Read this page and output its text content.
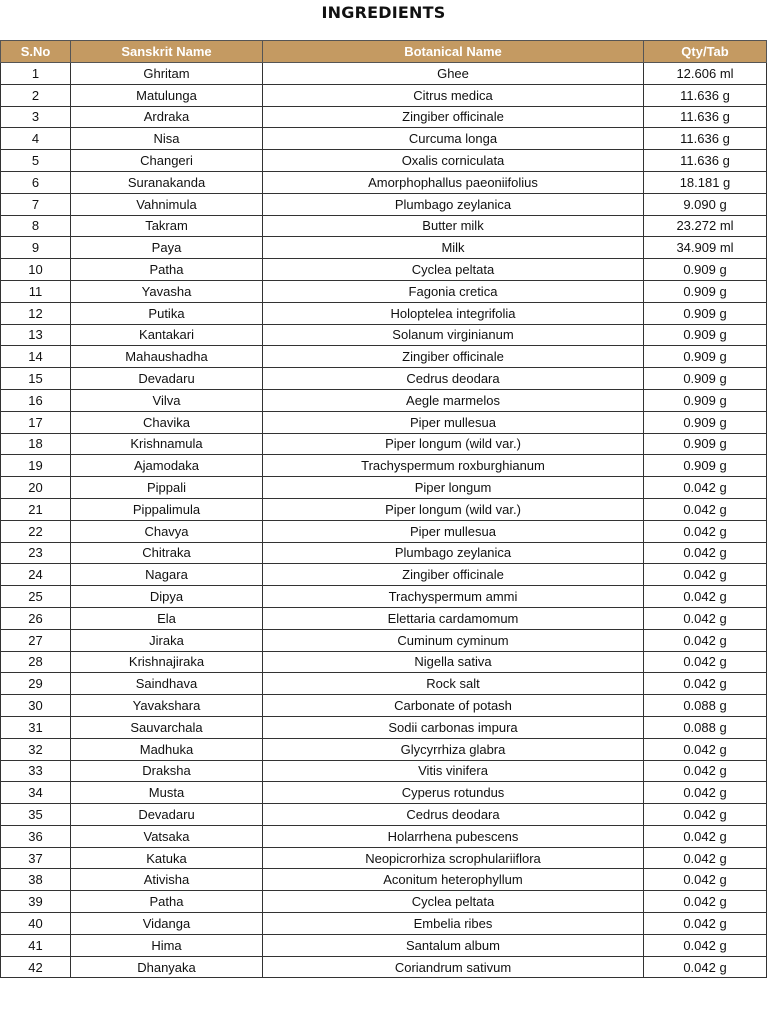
INGREDIENTS
S.No	Sanskrit Name	Botanical Name	Qty/Tab
1	Ghritam	Ghee	12.606 ml
2	Matulunga	Citrus medica	11.636 g
3	Ardraka	Zingiber officinale	11.636 g
4	Nisa	Curcuma longa	11.636 g
5	Changeri	Oxalis corniculata	11.636 g
6	Suranakanda	Amorphophallus paeoniifolius	18.181 g
7	Vahnimula	Plumbago zeylanica	9.090 g
8	Takram	Butter milk	23.272 ml
9	Paya	Milk	34.909 ml
10	Patha	Cyclea peltata	0.909 g
11	Yavasha	Fagonia cretica	0.909 g
12	Putika	Holoptelea integrifolia	0.909 g
13	Kantakari	Solanum virginianum	0.909 g
14	Mahaushadha	Zingiber officinale	0.909 g
15	Devadaru	Cedrus deodara	0.909 g
16	Vilva	Aegle marmelos	0.909 g
17	Chavika	Piper mullesua	0.909 g
18	Krishnamula	Piper longum (wild var.)	0.909 g
19	Ajamodaka	Trachyspermum roxburghianum	0.909 g
20	Pippali	Piper longum	0.042 g
21	Pippalimula	Piper longum (wild var.)	0.042 g
22	Chavya	Piper mullesua	0.042 g
23	Chitraka	Plumbago zeylanica	0.042 g
24	Nagara	Zingiber officinale	0.042 g
25	Dipya	Trachyspermum ammi	0.042 g
26	Ela	Elettaria cardamomum	0.042 g
27	Jiraka	Cuminum cyminum	0.042 g
28	Krishnajiraka	Nigella sativa	0.042 g
29	Saindhava	Rock salt	0.042 g
30	Yavakshara	Carbonate of potash	0.088 g
31	Sauvarchala	Sodii carbonas impura	0.088 g
32	Madhuka	Glycyrrhiza glabra	0.042 g
33	Draksha	Vitis vinifera	0.042 g
34	Musta	Cyperus rotundus	0.042 g
35	Devadaru	Cedrus deodara	0.042 g
36	Vatsaka	Holarrhena pubescens	0.042 g
37	Katuka	Neopicrorhiza scrophulariiflora	0.042 g
38	Ativisha	Aconitum heterophyllum	0.042 g
39	Patha	Cyclea peltata	0.042 g
40	Vidanga	Embelia ribes	0.042 g
41	Hima	Santalum album	0.042 g
42	Dhanyaka	Coriandrum sativum	0.042 g
